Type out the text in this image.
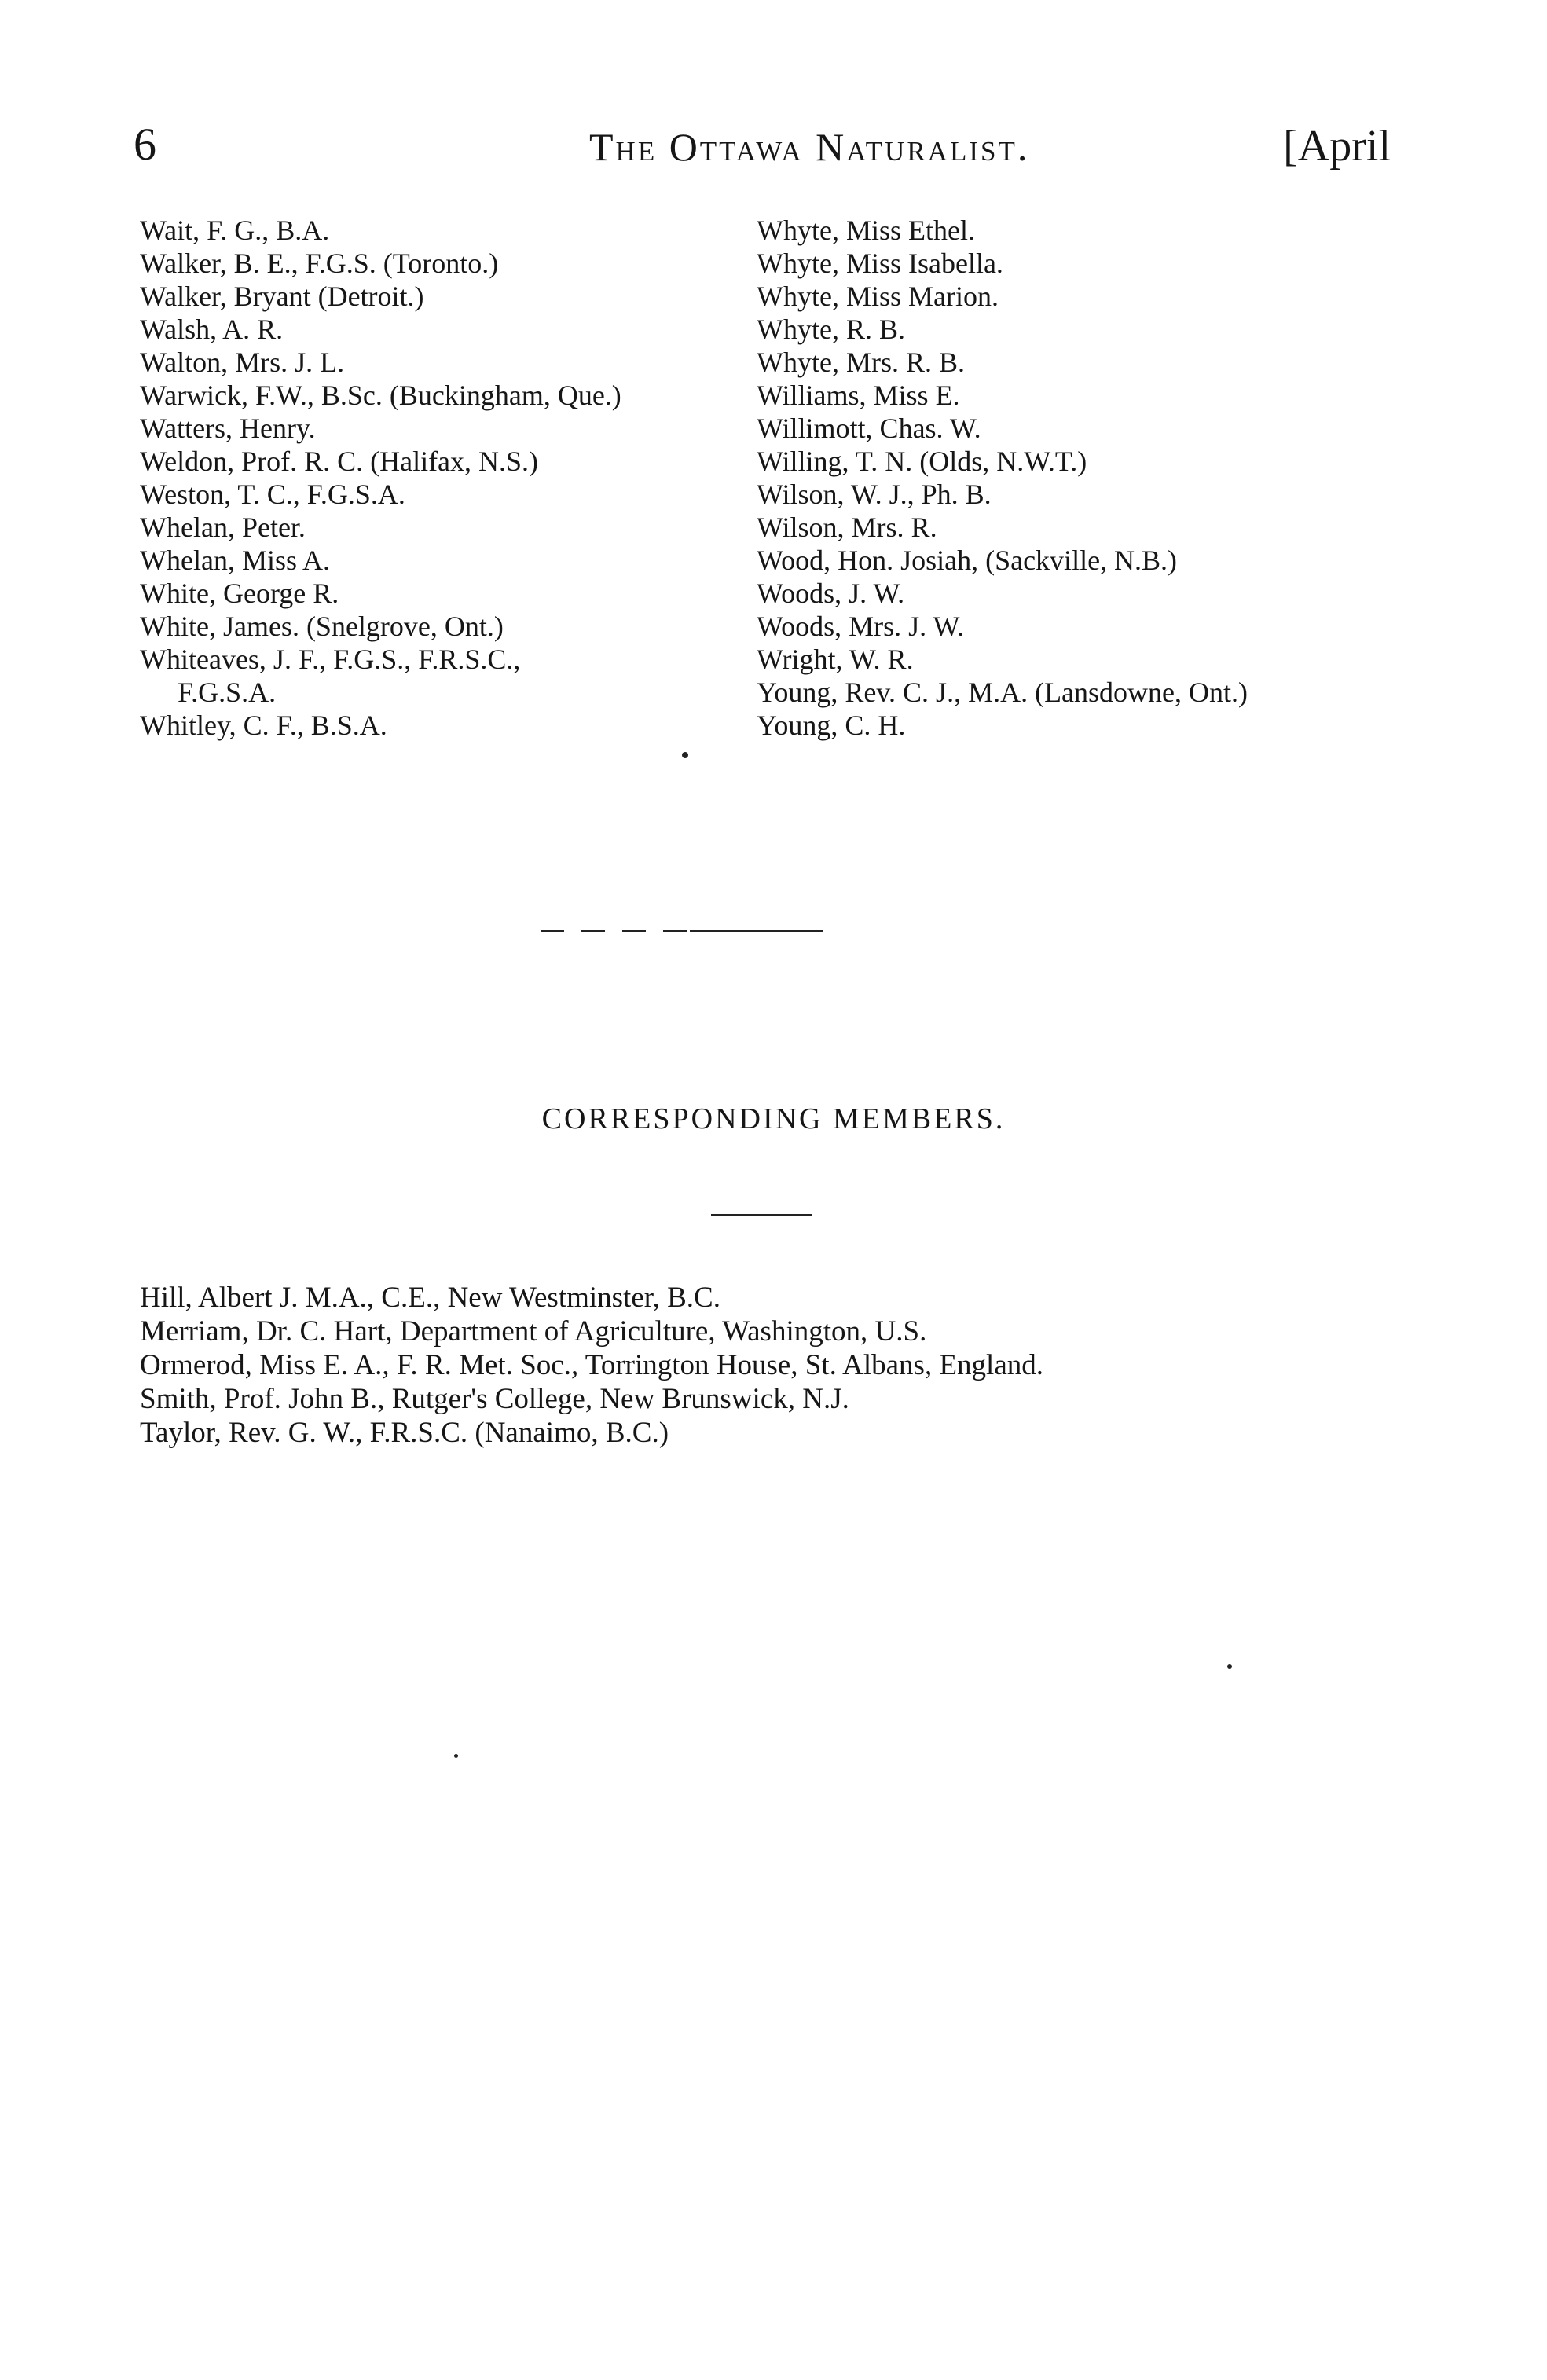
6	The Ottawa Naturalist.	[April
Wait, F. G., B.A.
Walker, B. E., F.G.S. (Toronto.)
Walker, Bryant (Detroit.)
Walsh, A. R.
Walton, Mrs. J. L.
Warwick, F.W., B.Sc. (Buckingham, Que.)
Watters, Henry.
Weldon, Prof. R. C. (Halifax, N.S.)
Weston, T. C., F.G.S.A.
Whelan, Peter.
Whelan, Miss A.
White, George R.
White, James. (Snelgrove, Ont.)
Whiteaves, J. F., F.G.S., F.R.S.C.,
F.G.S.A.
Whitley, C. F., B.S.A.
Whyte, Miss Ethel.
Whyte, Miss Isabella.
Whyte, Miss Marion.
Whyte, R. B.
Whyte, Mrs. R. B.
Williams, Miss E.
Willimott, Chas. W.
Willing, T. N. (Olds, N.W.T.)
Wilson, W. J., Ph. B.
Wilson, Mrs. R.
Wood, Hon. Josiah, (Sackville, N.B.)
Woods, J. W.
Woods, Mrs. J. W.
Wright, W. R.
Young, Rev. C. J., M.A. (Lansdowne, Ont.)
Young, C. H.
CORRESPONDING MEMBERS.
Hill, Albert J. M.A., C.E., New Westminster, B.C.
Merriam, Dr. C. Hart, Department of Agriculture, Washington, U.S.
Ormerod, Miss E. A., F. R. Met. Soc., Torrington House, St. Albans, England.
Smith, Prof. John B., Rutger's College, New Brunswick, N.J.
Taylor, Rev. G. W., F.R.S.C. (Nanaimo, B.C.)
